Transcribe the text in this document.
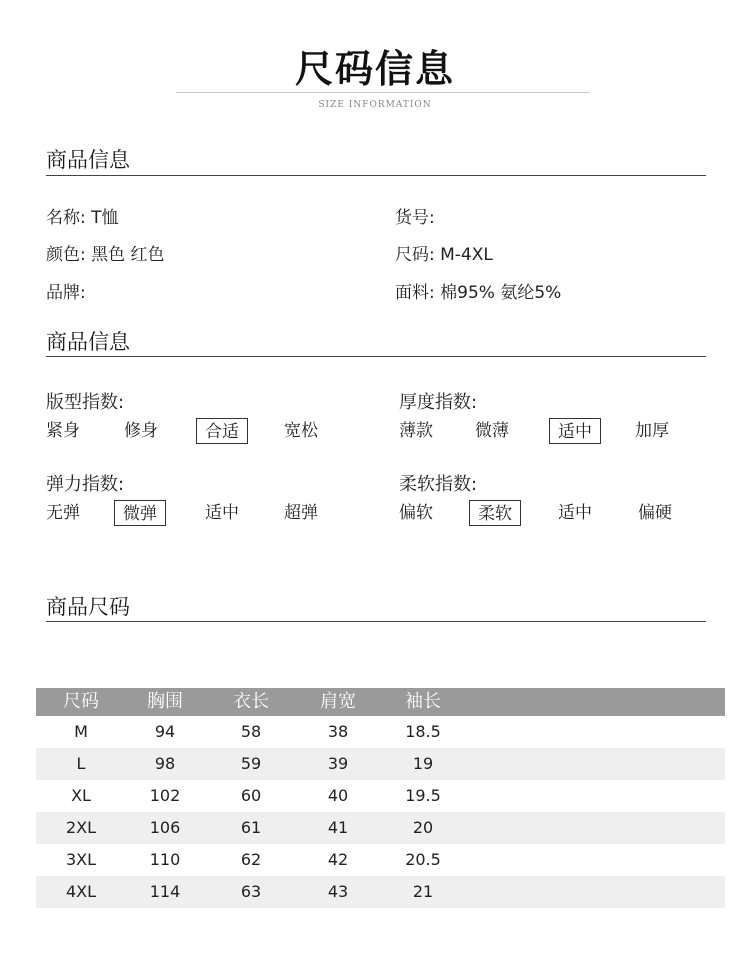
尺码信息
SIZE INFORMATION
商品信息
名称: T恤
颜色: 黑色 红色
品牌:
货号:
尺码: M-4XL
面料: 棉95% 氨纶5%
商品信息
版型指数:
紧身	修身	合适	宽松
厚度指数:
薄款 微薄	适中	加厚
弹力指数:
无弹	微弹	适中	超弹
柔软指数:
偏软	柔软	适中	偏硬
商品尺码
尺码	胸围	衣长	肩宽	袖长
M	94	58	38	18.5
L	98	59	39	19
XL	102	60	40	19.5
2XL	106	61	41	20
3XL	110	62	42	20.5
4XL	114	63	43	21
